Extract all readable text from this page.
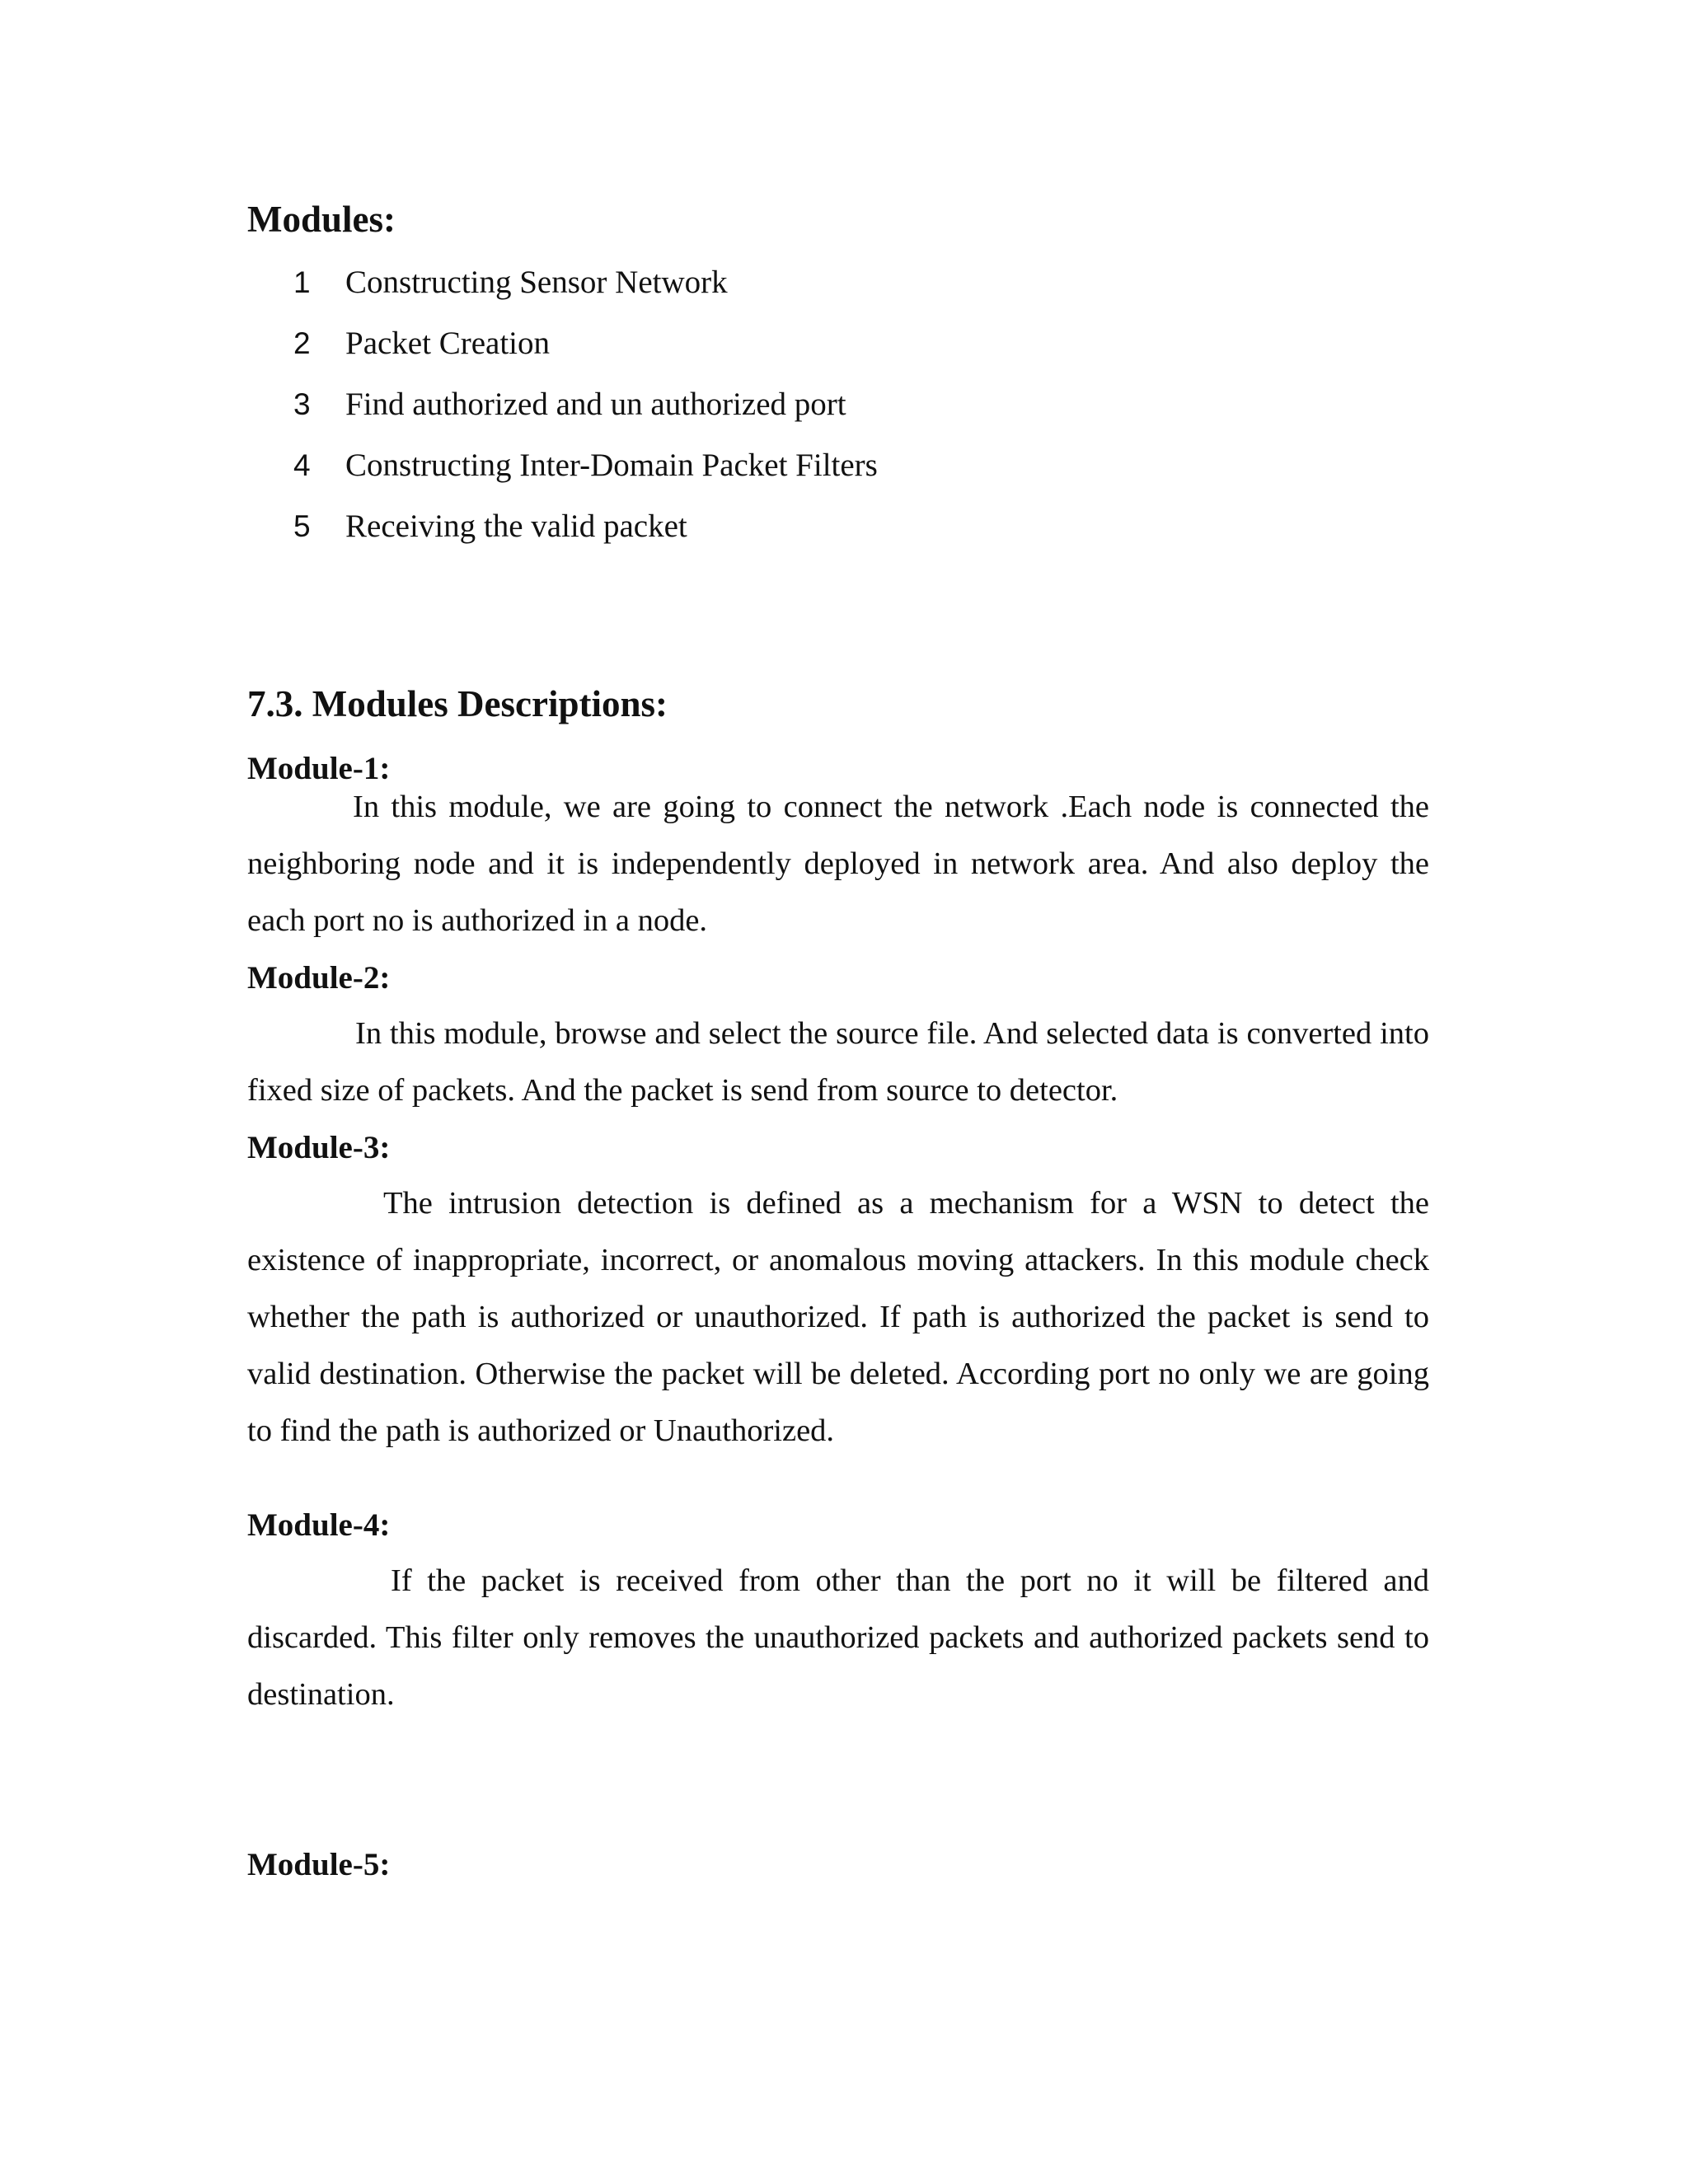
Modules:
1 Constructing Sensor Network
2 Packet Creation
3 Find authorized and un authorized port
4 Constructing Inter-Domain Packet Filters
5 Receiving the valid packet
7.3. Modules Descriptions:
Module-1:

In this module, we are going to connect the network .Each node is connected the neighboring node and it is independently deployed in network area. And also deploy the each port no is authorized in a node.

Module-2:

In this module, browse and select the source file. And selected data is converted into fixed size of packets. And the packet is send from source to detector.

Module-3:

The intrusion detection is defined as a mechanism for a WSN to detect the existence of inappropriate, incorrect, or anomalous moving attackers. In this module check whether the path is authorized or unauthorized. If path is authorized the packet is send to valid destination. Otherwise the packet will be deleted. According port no only we are going to find the path is authorized or Unauthorized.

Module-4:

If the packet is received from other than the port no it will be filtered and discarded. This filter only removes the unauthorized packets and authorized packets send to destination.

Module-5:
